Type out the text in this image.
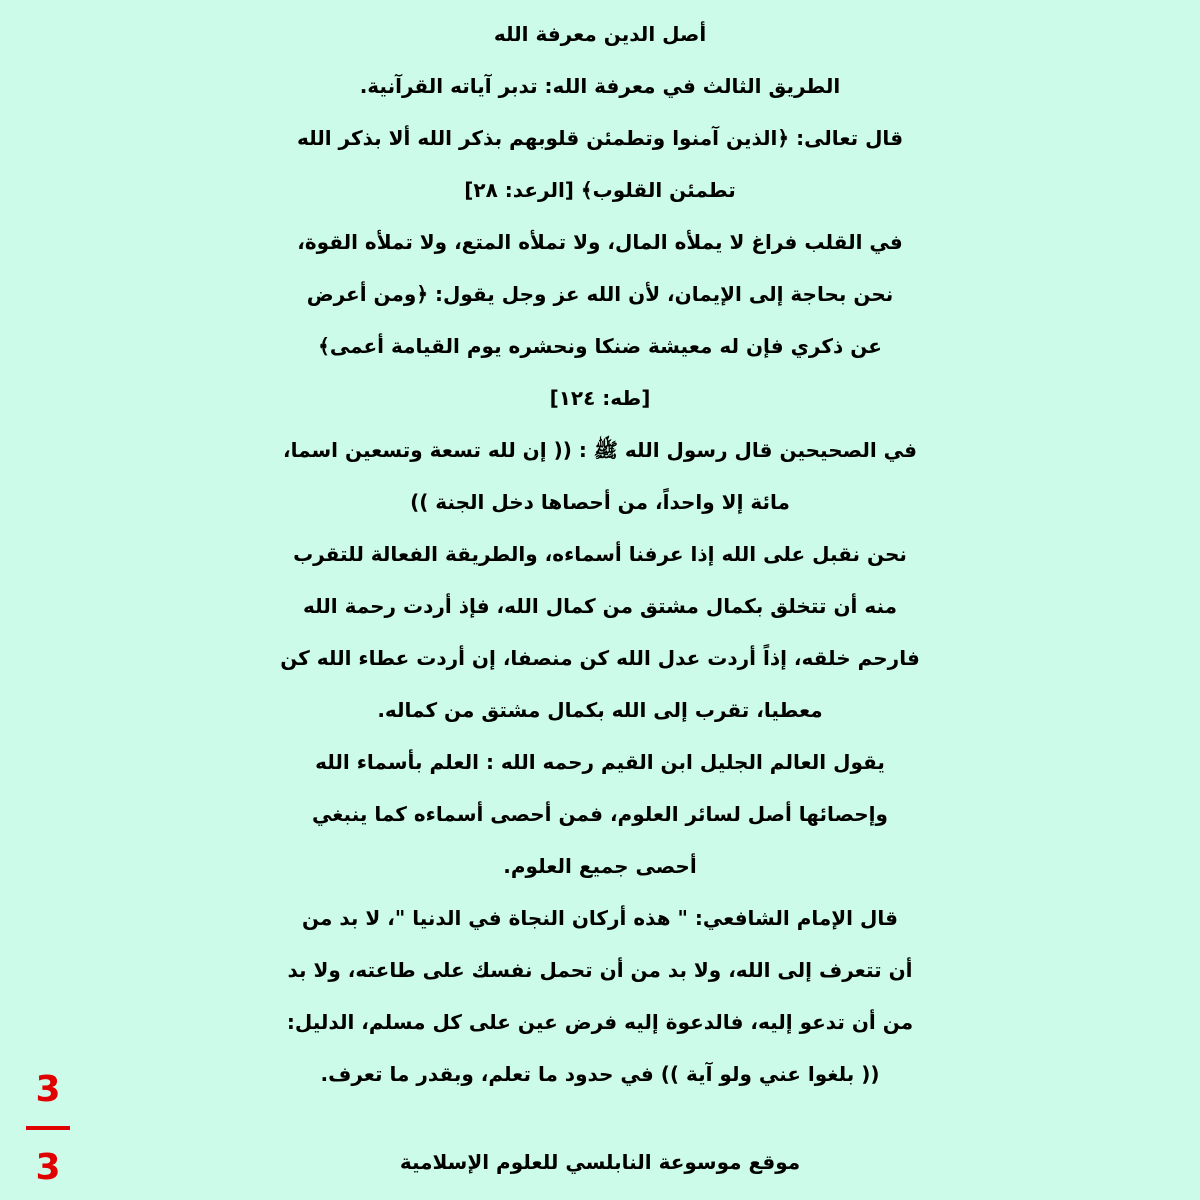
أصل الدين معرفة الله
الطريق الثالث في معرفة الله: تدبر آياته القرآنية.
قال تعالى: ﴿الذين آمنوا وتطمئن قلوبهم بذكر الله ألا بذكر الله
تطمئن القلوب﴾ [الرعد: ٢٨]
في القلب فراغ لا يملأه المال، ولا تملأه المتع، ولا تملأه القوة،
نحن بحاجة إلى الإيمان، لأن الله عز وجل يقول: ﴿ومن أعرض
عن ذكري فإن له معيشة ضنكا ونحشره يوم القيامة أعمى﴾
[طه: ١٢٤]
في الصحيحين قال رسول الله ﷺ : (( إن لله تسعة وتسعين اسما،
مائة إلا واحداً، من أحصاها دخل الجنة ))
نحن نقبل على الله إذا عرفنا أسماءه، والطريقة الفعالة للتقرب
منه أن تتخلق بكمال مشتق من كمال الله، فإذ أردت رحمة الله
فارحم خلقه، إذاً أردت عدل الله كن منصفا، إن أردت عطاء الله كن
معطيا، تقرب إلى الله بكمال مشتق من كماله.
يقول العالم الجليل ابن القيم رحمه الله : العلم بأسماء الله
وإحصائها أصل لسائر العلوم، فمن أحصى أسماءه كما ينبغي
أحصى جميع العلوم.
قال الإمام الشافعي: " هذه أركان النجاة في الدنيا "، لا بد من
أن تتعرف إلى الله، ولا بد من أن تحمل نفسك على طاعته، ولا بد
من أن تدعو إليه، فالدعوة إليه فرض عين على كل مسلم، الدليل:
(( بلغوا عني ولو آية )) في حدود ما تعلم، وبقدر ما تعرف.
موقع موسوعة النابلسي للعلوم الإسلامية
3
3
